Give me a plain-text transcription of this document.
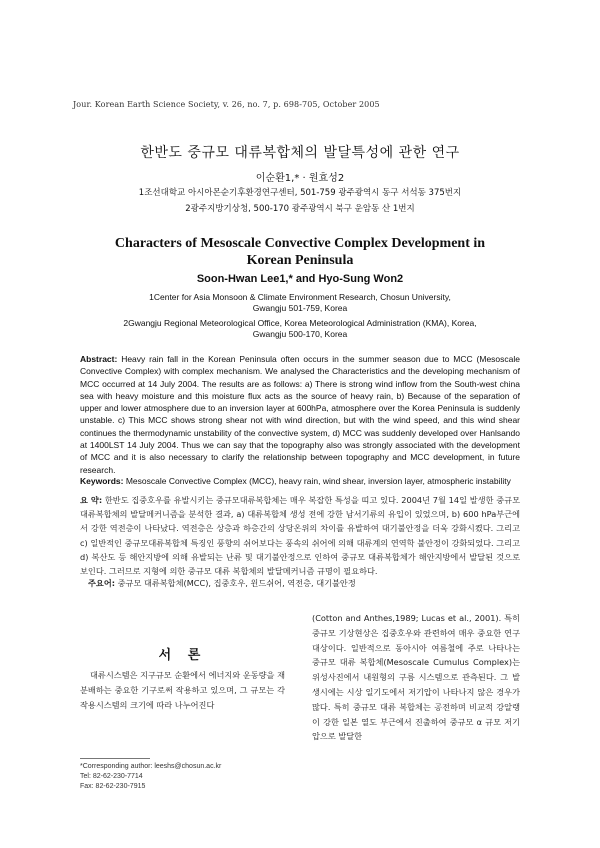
Jour. Korean Earth Science Society, v. 26, no. 7, p. 698-705, October 2005
한반도 중규모 대류복합체의 발달특성에 관한 연구
이순환1,* · 원효성2
1조선대학교 아시아몬순기후환경연구센터, 501-759 광주광역시 동구 서석동 375번지
2광주지방기상청, 500-170 광주광역시 북구 운암동 산 1번지
Characters of Mesoscale Convective Complex Development in
Korean Peninsula
Soon-Hwan Lee1,* and Hyo-Sung Won2
1Center for Asia Monsoon & Climate Environment Research, Chosun University,
Gwangju 501-759, Korea
2Gwangju Regional Meteorological Office, Korea Meteorological Administration (KMA), Korea,
Gwangju 500-170, Korea
Abstract: Heavy rain fall in the Korean Peninsula often occurs in the summer season due to MCC (Mesoscale Convective Complex) with complex mechanism. We analysed the Characteristics and the developing mechanism of MCC occurred at 14 July 2004. The results are as follows: a) There is strong wind inflow from the South-west china sea with heavy moisture and this moisture flux acts as the source of heavy rain, b) Because of the separation of upper and lower atmosphere due to an inversion layer at 600hPa, atmosphere over the Korea Peninsula is suddenly unstable. c) This MCC shows strong shear not with wind direction, but with the wind speed, and this wind shear continues the thermodynamic unstability of the convective system, d) MCC was suddenly developed over Hanlsando at 1400LST 14 July 2004. Thus we can say that the topography also was strongly associated with the development of MCC and it is also necessary to clarify the relationship between topography and MCC development, in future research.
Keywords: Mesoscale Convective Complex (MCC), heavy rain, wind shear, inversion layer, atmospheric instability
요 약: 한반도 집중호우를 유발시키는 중규모대류복합체는 매우 복잡한 특성을 띠고 있다. 2004년 7월 14일 발생한 중규모 대류복합체의 발달메커니즘을 분석한 결과, a) 대류복합체 생성 전에 강한 남서기류의 유입이 있었으며, b) 600 hPa부근에서 강한 역전층이 나타났다. 역전층은 상층과 하층간의 상당온위의 차이를 유발하여 대기불안정을 더욱 강화시켰다. 그리고 c) 일반적인 중규모대류복합체 특징인 풍향의 쉬어보다는 풍속의 쉬어에 의해 대류계의 연역학 불안정이 강화되었다. 그리고 d) 복산도 등 해안지방에 의해 유발되는 난류 및 대기불안정으로 인하여 중규모 대류복합체가 해안지방에서 발달된 것으로 보인다. 그러므로 지형에 의한 중규모 대류 복합체의 발달메커니즘 규명이 필요하다.
주요어: 중규모 대류복합체(MCC), 집중호우, 윈드쉬어, 역전층, 대기불안정
서 론

대류시스템은 지구규모 순환에서 에너지와 운동량을 재분배하는 중요한 기구로써 작용하고 있으며, 그 규모는 각 작용시스템의 크기에 따라 나누어진다

(Cotton and Anthes,1989; Lucas et al., 2001). 특히 중규모 기상현상은 집중호우와 관련하여 매우 중요한 연구대상이다. 일반적으로 동아시아 여름철에 주로 나타나는 중규모 대류 복합체(Mesoscale Cumulus Complex)는 위성사진에서 내원형의 구름 시스템으로 관측된다. 그 발생시에는 시상 일기도에서 저기압이 나타나지 않은 경우가 많다. 특히 중규모 대류 복합체는 공전하며 비교적 강알랭이 강한 일본 열도 부근에서 진출하여 중규모 α 규모 저기압으로 발달한

*Corresponding author: leeshs@chosun.ac.kr
Tel: 82-62-230-7714
Fax: 82-62-230-7915
